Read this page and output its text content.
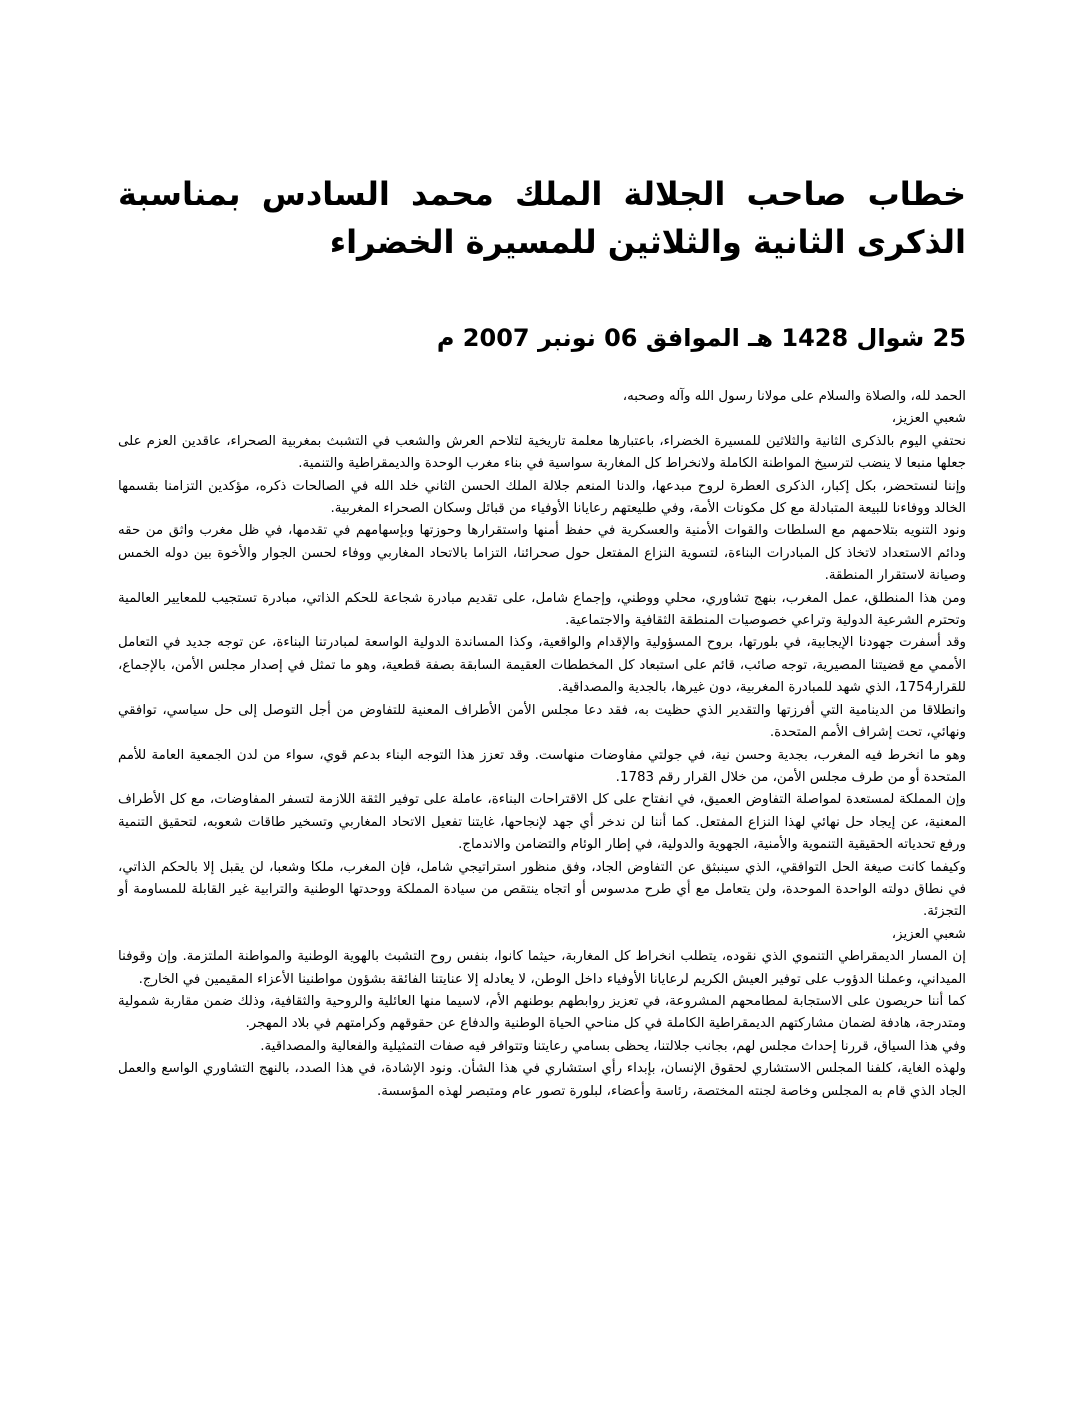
خطاب صاحب الجلالة الملك محمد السادس بمناسبة الذكرى الثانية والثلاثين للمسيرة الخضراء
25 شوال 1428 هـ الموافق 06 نونبر 2007 م

الحمد لله، والصلاة والسلام على مولانا رسول الله وآله وصحبه،

شعبي العزيز،

نحتفي اليوم بالذكرى الثانية والثلاثين للمسيرة الخضراء، باعتبارها معلمة تاريخية لتلاحم العرش والشعب في التشبث بمغربية الصحراء، عاقدين العزم على جعلها منبعا لا ينضب لترسيخ المواطنة الكاملة ولانخراط كل المغاربة سواسية في بناء مغرب الوحدة والديمقراطية والتنمية.

وإننا لنستحضر، بكل إكبار، الذكرى العطرة لروح مبدعها، والدنا المنعم جلالة الملك الحسن الثاني خلد الله في الصالحات ذكره، مؤكدين التزامنا بقسمها الخالد ووفاءنا للبيعة المتبادلة مع كل مكونات الأمة، وفي طليعتهم رعايانا الأوفياء من قبائل وسكان الصحراء المغربية.

ونود التنويه بتلاحمهم مع السلطات والقوات الأمنية والعسكرية في حفظ أمنها واستقرارها وحوزتها وبإسهامهم في تقدمها، في ظل مغرب واثق من حقه ودائم الاستعداد لاتخاذ كل المبادرات البناءة، لتسوية النزاع المفتعل حول صحرائنا، التزاما بالاتحاد المغاربي ووفاء لحسن الجوار والأخوة بين دوله الخمس وصيانة لاستقرار المنطقة.

ومن هذا المنطلق، عمل المغرب، بنهج تشاوري، محلي ووطني، وإجماع شامل، على تقديم مبادرة شجاعة للحكم الذاتي، مبادرة تستجيب للمعايير العالمية وتحترم الشرعية الدولية وتراعي خصوصيات المنطقة الثقافية والاجتماعية.

وقد أسفرت جهودنا الإيجابية، في بلورتها، بروح المسؤولية والإقدام والواقعية، وكذا المساندة الدولية الواسعة لمبادرتنا البناءة، عن توجه جديد في التعامل الأممي مع قضيتنا المصيرية، توجه صائب، قائم على استبعاد كل المخططات العقيمة السابقة بصفة قطعية، وهو ما تمثل في إصدار مجلس الأمن، بالإجماع، للقرار1754، الذي شهد للمبادرة المغربية، دون غيرها، بالجدية والمصداقية.

وانطلاقا من الدينامية التي أفرزتها والتقدير الذي حظيت به، فقد دعا مجلس الأمن الأطراف المعنية للتفاوض من أجل التوصل إلى حل سياسي، توافقي ونهائي، تحت إشراف الأمم المتحدة.

وهو ما انخرط فيه المغرب، بجدية وحسن نية، في جولتي مفاوضات منهاست. وقد تعزز هذا التوجه البناء بدعم قوي، سواء من لدن الجمعية العامة للأمم المتحدة أو من طرف مجلس الأمن، من خلال القرار رقم 1783.

وإن المملكة لمستعدة لمواصلة التفاوض العميق، في انفتاح على كل الاقتراحات البناءة، عاملة على توفير الثقة اللازمة لتسفر المفاوضات، مع كل الأطراف المعنية، عن إيجاد حل نهائي لهذا النزاع المفتعل. كما أننا لن ندخر أي جهد لإنجاحها، غايتنا تفعيل الاتحاد المغاربي وتسخير طاقات شعوبه، لتحقيق التنمية ورفع تحدياته الحقيقية التنموية والأمنية، الجهوية والدولية، في إطار الوئام والتضامن والاندماج.

وكيفما كانت صيغة الحل التوافقي، الذي سينبثق عن التفاوض الجاد، وفق منظور استراتيجي شامل، فإن المغرب، ملكا وشعبا، لن يقبل إلا بالحكم الذاتي، في نطاق دولته الواحدة الموحدة، ولن يتعامل مع أي طرح مدسوس أو اتجاه ينتقص من سيادة المملكة ووحدتها الوطنية والترابية غير القابلة للمساومة أو التجزئة.

شعبي العزيز،

إن المسار الديمقراطي التنموي الذي نقوده، يتطلب انخراط كل المغاربة، حيثما كانوا، بنفس روح التشبث بالهوية الوطنية والمواطنة الملتزمة. وإن وقوفنا الميداني، وعملنا الدؤوب على توفير العيش الكريم لرعايانا الأوفياء داخل الوطن، لا يعادله إلا عنايتنا الفائقة بشؤون مواطنينا الأعزاء المقيمين في الخارج.

كما أننا حريصون على الاستجابة لمطامحهم المشروعة، في تعزيز روابطهم بوطنهم الأم، لاسيما منها العائلية والروحية والثقافية، وذلك ضمن مقاربة شمولية ومتدرجة، هادفة لضمان مشاركتهم الديمقراطية الكاملة في كل مناحي الحياة الوطنية والدفاع عن حقوقهم وكرامتهم في بلاد المهجر.

وفي هذا السياق، قررنا إحداث مجلس لهم، بجانب جلالتنا، يحظى بسامي رعايتنا وتتوافر فيه صفات التمثيلية والفعالية والمصداقية.

ولهذه الغاية، كلفنا المجلس الاستشاري لحقوق الإنسان، بإبداء رأي استشاري في هذا الشأن. ونود الإشادة، في هذا الصدد، بالنهج التشاوري الواسع والعمل الجاد الذي قام به المجلس وخاصة لجنته المختصة، رئاسة وأعضاء، لبلورة تصور عام ومتبصر لهذه المؤسسة.
